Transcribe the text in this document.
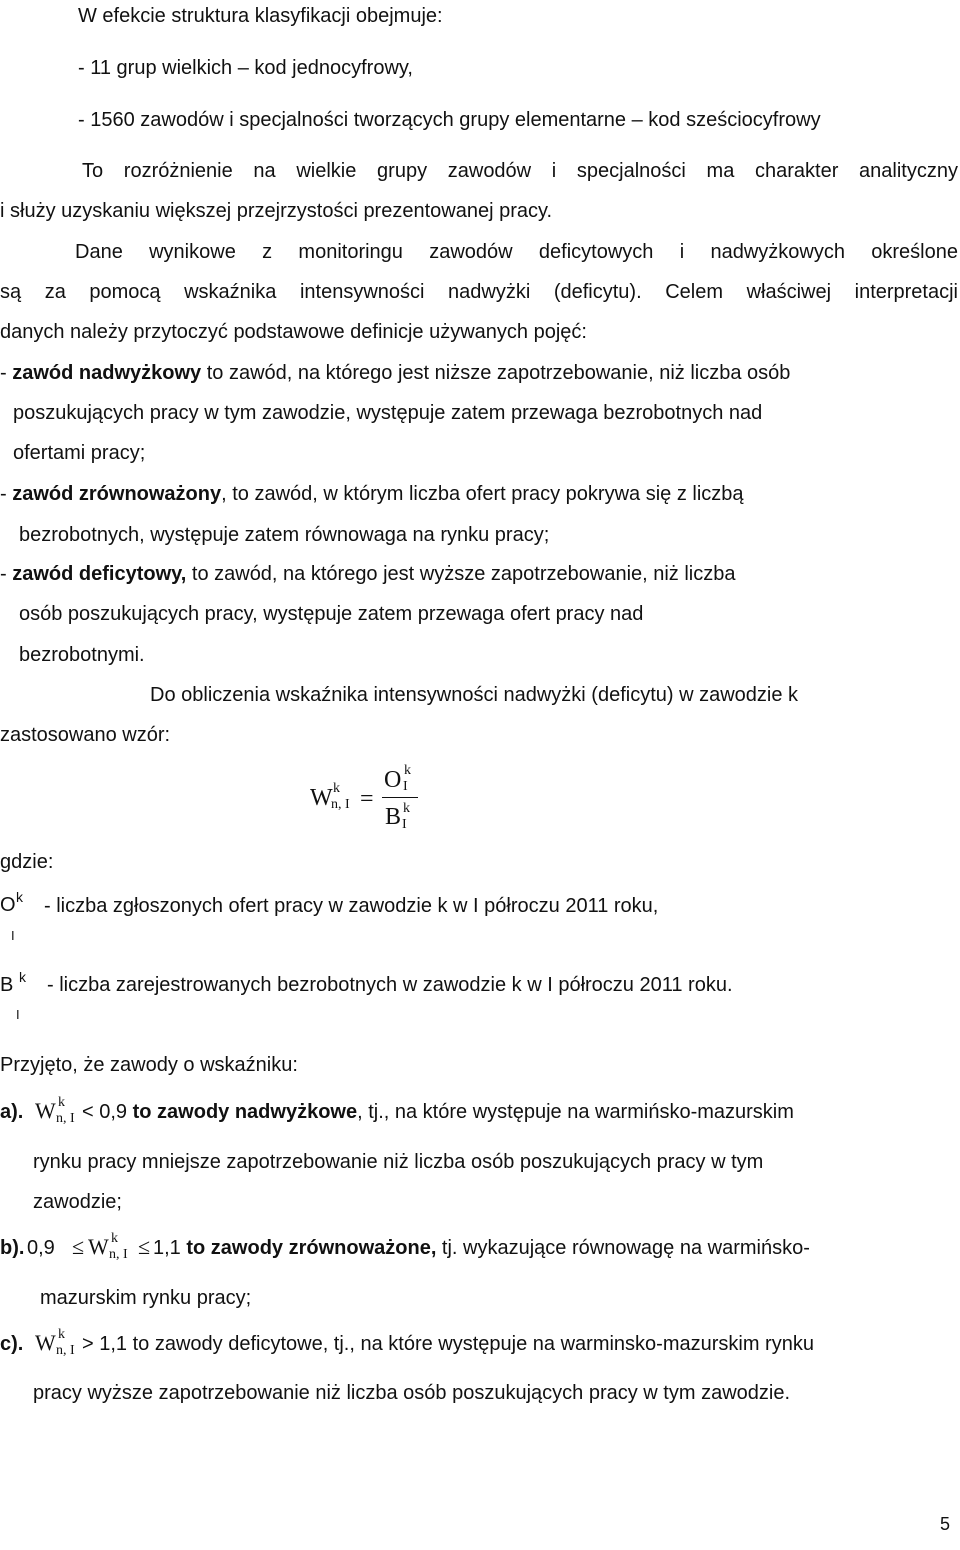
W efekcie struktura klasyfikacji obejmuje:
- 11 grup wielkich – kod jednocyfrowy,
- 1560 zawodów i specjalności tworzących grupy elementarne – kod sześciocyfrowy
To rozróżnienie na wielkie grupy zawodów i specjalności ma charakter analityczny
i służy uzyskaniu większej przejrzystości prezentowanej pracy.
Dane wynikowe z monitoringu zawodów deficytowych i nadwyżkowych określone
są za pomocą wskaźnika intensywności nadwyżki (deficytu). Celem właściwej interpretacji
danych należy przytoczyć podstawowe definicje używanych pojęć:
- zawód nadwyżkowy to zawód, na którego jest niższe zapotrzebowanie, niż liczba osób
poszukujących pracy w tym zawodzie, występuje zatem przewaga bezrobotnych nad
ofertami pracy;
- zawód zrównoważony, to zawód, w którym liczba ofert pracy pokrywa się z liczbą
bezrobotnych, występuje zatem równowaga na rynku pracy;
- zawód deficytowy, to zawód, na którego jest wyższe zapotrzebowanie, niż liczba
osób poszukujących pracy, występuje zatem przewaga ofert pracy nad
bezrobotnymi.
Do obliczenia wskaźnika intensywności nadwyżki (deficytu) w zawodzie k
zastosowano wzór:
W k
n, I =
O k
I
B k
I
gdzie:
O k
I
- liczba zgłoszonych ofert pracy w zawodzie k w I półroczu 2011 roku,
B k
I
- liczba zarejestrowanych bezrobotnych w zawodzie k w I półroczu 2011 roku.
Przyjęto, że zawody o wskaźniku:
a). W k
n, I < 0,9 to zawody nadwyżkowe, tj., na które występuje na warmińsko-mazurskim
rynku pracy mniejsze zapotrzebowanie niż liczba osób poszukujących pracy w tym
zawodzie;
b). 0,9 ≤ W k
n, I ≤ 1,1 to zawody zrównoważone, tj. wykazujące równowagę na warmińsko-
mazurskim rynku pracy;
c). W k
n, I > 1,1 to zawody deficytowe, tj., na które występuje na warminsko-mazurskim rynku
pracy wyższe zapotrzebowanie niż liczba osób poszukujących pracy w tym zawodzie.
5
